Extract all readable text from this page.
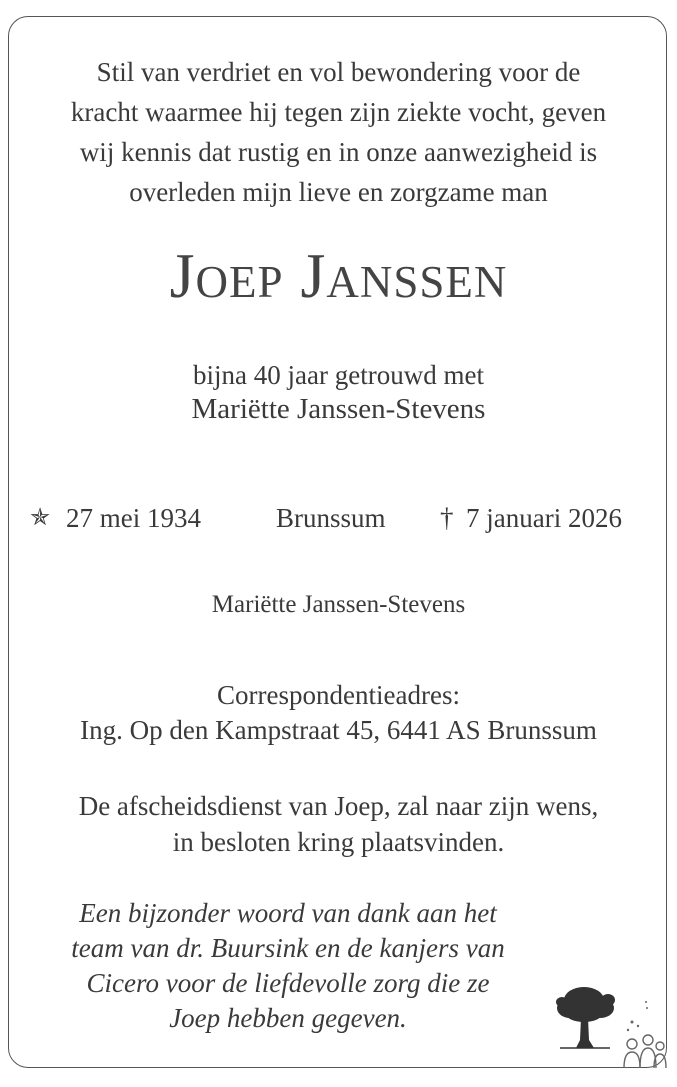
Stil van verdriet en vol bewondering voor de
kracht waarmee hij tegen zijn ziekte vocht, geven
wij kennis dat rustig en in onze aanwezigheid is
overleden mijn lieve en zorgzame man
Joep Janssen
bijna 40 jaar getrouwd met
Mariëtte Janssen-Stevens
✯ 27 mei 1934	Brunssum † 7 januari 2026
Mariëtte Janssen-Stevens
Correspondentieadres:
Ing. Op den Kampstraat 45, 6441 AS Brunssum
De afscheidsdienst van Joep, zal naar zijn wens,
in besloten kring plaatsvinden.
Een bijzonder woord van dank aan het
team van dr. Buursink en de kanjers van
Cicero voor de liefdevolle zorg die ze
Joep hebben gegeven.
